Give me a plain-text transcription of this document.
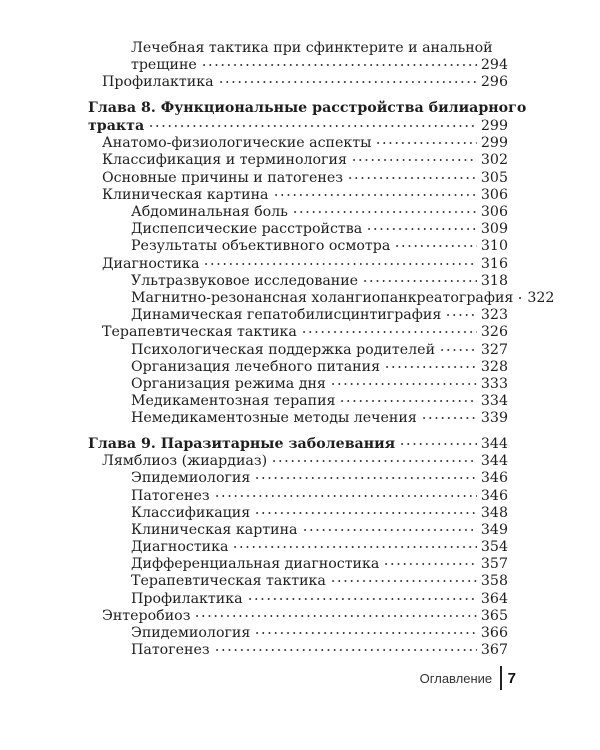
Лечебная тактика при сфинктерите и анальной
трещине	294
Профилактика	296
Глава 8. Функциональные расстройства билиарного
тракта	299
Анатомо-физиологические аспекты	299
Классификация и терминология	302
Основные причины и патогенез	305
Клиническая картина	306
Абдоминальная боль	306
Диспепсические расстройства	309
Результаты объективного осмотра	310
Диагностика	316
Ультразвуковое исследование	318
Магнитно-резонансная холангиопанкреатография 322
Динамическая гепатобилисцинтиграфия	323
Терапевтическая тактика	326
Психологическая поддержка родителей	327
Организация лечебного питания	328
Организация режима дня	333
Медикаментозная терапия	334
Немедикаментозные методы лечения	339
Глава 9. Паразитарные заболевания	344
Лямблиоз (жиардиаз)	344
Эпидемиология	346
Патогенез	346
Классификация	348
Клиническая картина	349
Диагностика	354
Дифференциальная диагностика	357
Терапевтическая тактика	358
Профилактика	364
Энтеробиоз	365
Эпидемиология	366
Патогенез	367
Оглавление	7
